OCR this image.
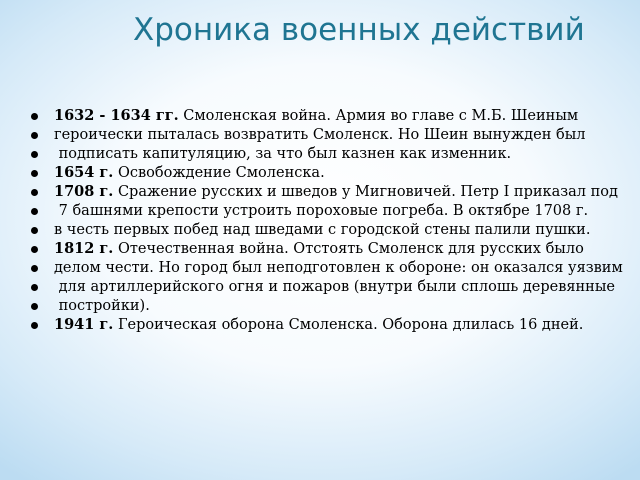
Хроника военных действий
1632 - 1634 гг. Смоленская война. Армия во главе с М.Б. Шеиным
героически пыталась возвратить Смоленск. Но Шеин вынужден был
подписать капитуляцию, за что был казнен как изменник.
1654 г. Освобождение Смоленска.
1708 г. Сражение русских и шведов у Мигновичей. Петр I приказал под
7 башнями крепости устроить пороховые погреба. В октябре 1708 г.
в честь первых побед над шведами с городской стены палили пушки.
1812 г. Отечественная война. Отстоять Смоленск для русских было
делом чести. Но город был неподготовлен к обороне: он оказался уязвим
для артиллерийского огня и пожаров (внутри были сплошь деревянные
постройки).
1941 г. Героическая оборона Смоленска. Оборона длилась 16 дней.
